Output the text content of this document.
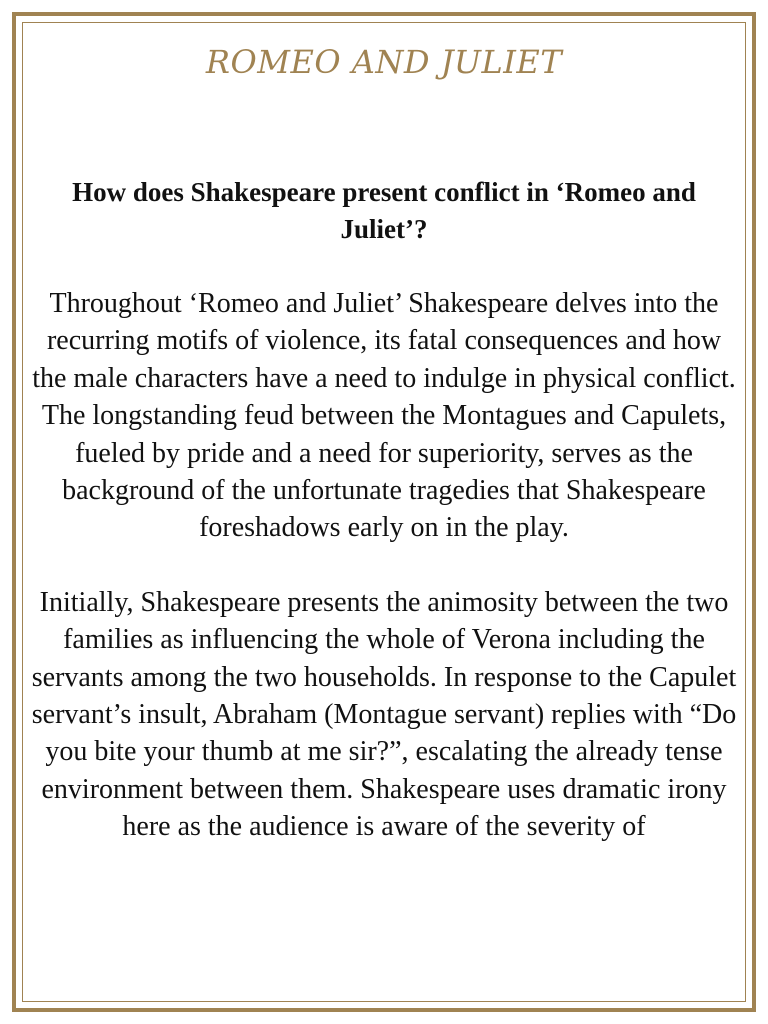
ROMEO AND JULIET
How does Shakespeare present conflict in ‘Romeo and Juliet’?

Throughout ‘Romeo and Juliet’ Shakespeare delves into the recurring motifs of violence, its fatal consequences and how the male characters have a need to indulge in physical conflict. The longstanding feud between the Montagues and Capulets, fueled by pride and a need for superiority, serves as the background of the unfortunate tragedies that Shakespeare foreshadows early on in the play.

Initially, Shakespeare presents the animosity between the two families as influencing the whole of Verona including the servants among the two households. In response to the Capulet servant’s insult, Abraham (Montague servant) replies with “Do you bite your thumb at me sir?”, escalating the already tense environment between them. Shakespeare uses dramatic irony here as the audience is aware of the severity of
